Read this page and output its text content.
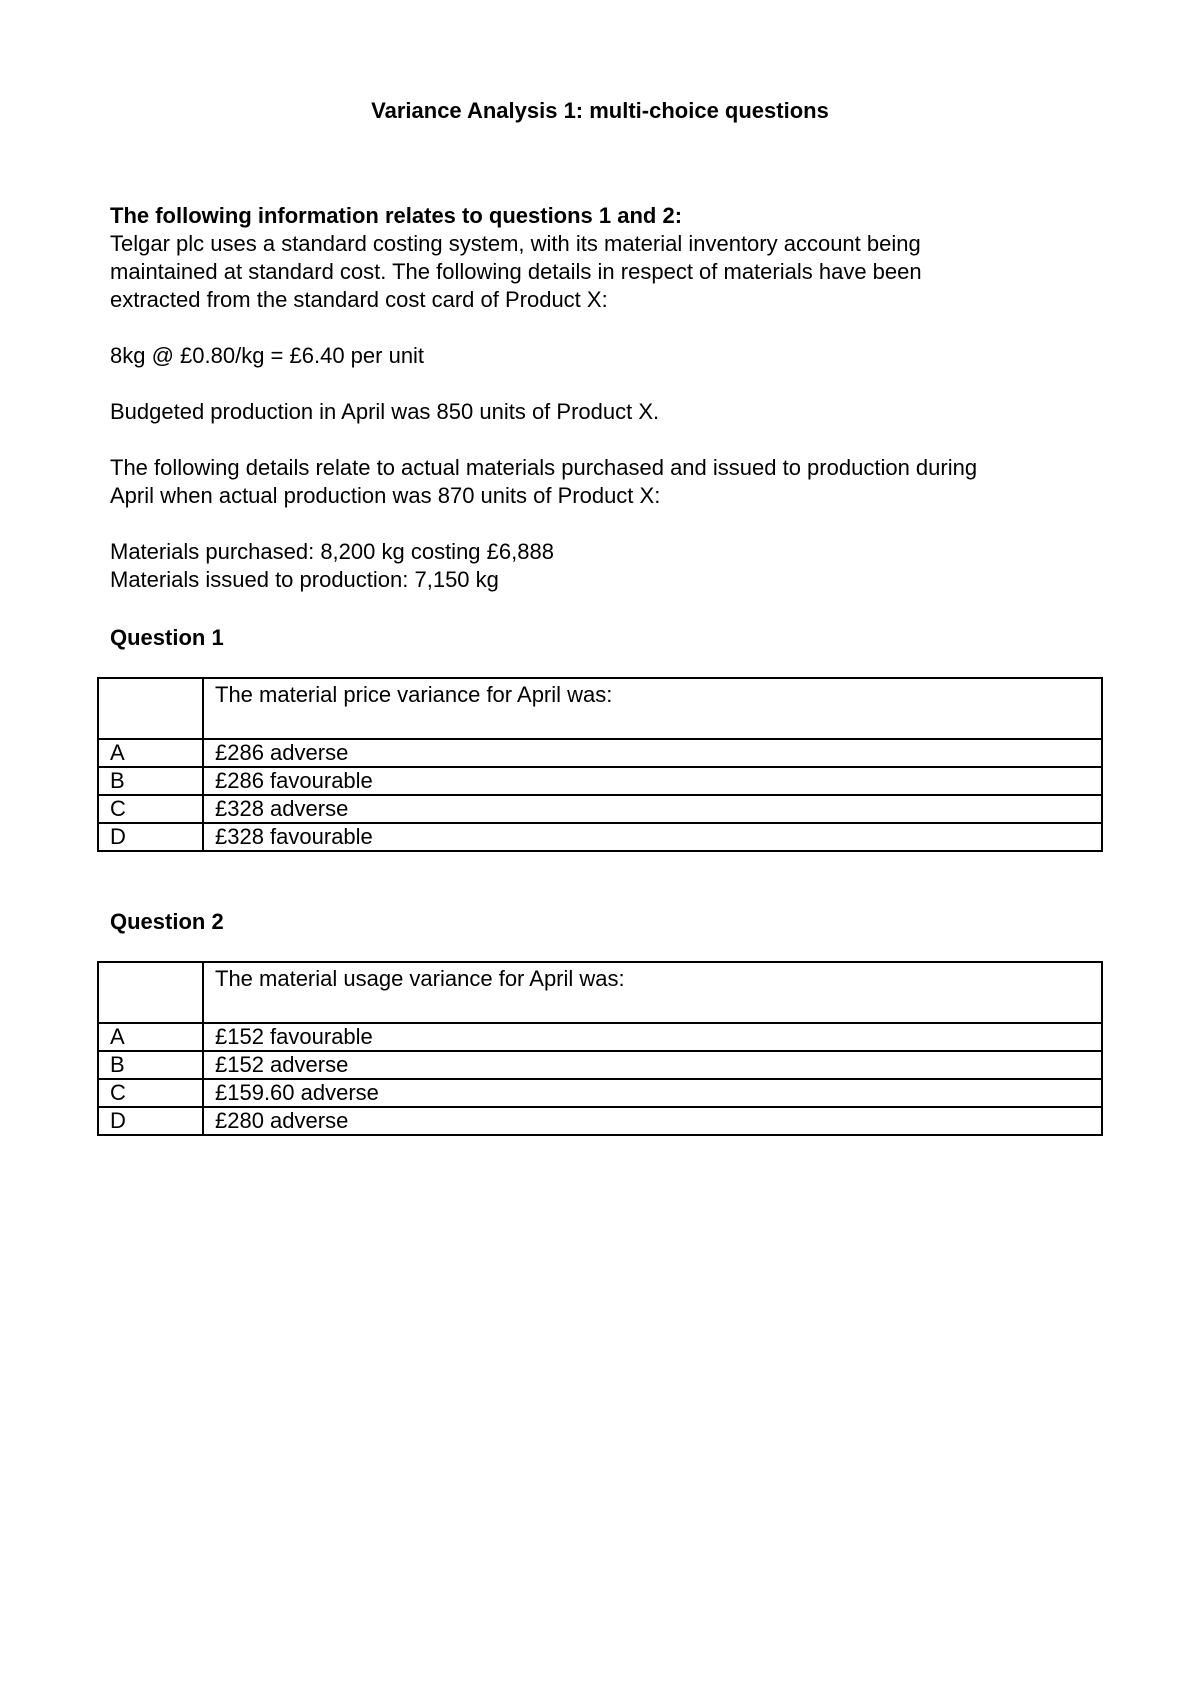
Variance Analysis 1: multi-choice questions

The following information relates to questions 1 and 2:

Telgar plc uses a standard costing system, with its material inventory account being

maintained at standard cost. The following details in respect of materials have been

extracted from the standard cost card of Product X:

8kg @ £0.80/kg = £6.40 per unit

Budgeted production in April was 850 units of Product X.

The following details relate to actual materials purchased and issued to production during

April when actual production was 870 units of Product X:

Materials purchased: 8,200 kg costing £6,888

Materials issued to production: 7,150 kg

Question 1
	The material price variance for April was:
A	£286 adverse
B	£286 favourable
C	£328 adverse
D	£328 favourable
Question 2
	The material usage variance for April was:
A	£152 favourable
B	£152 adverse
C	£159.60 adverse
D	£280 adverse
